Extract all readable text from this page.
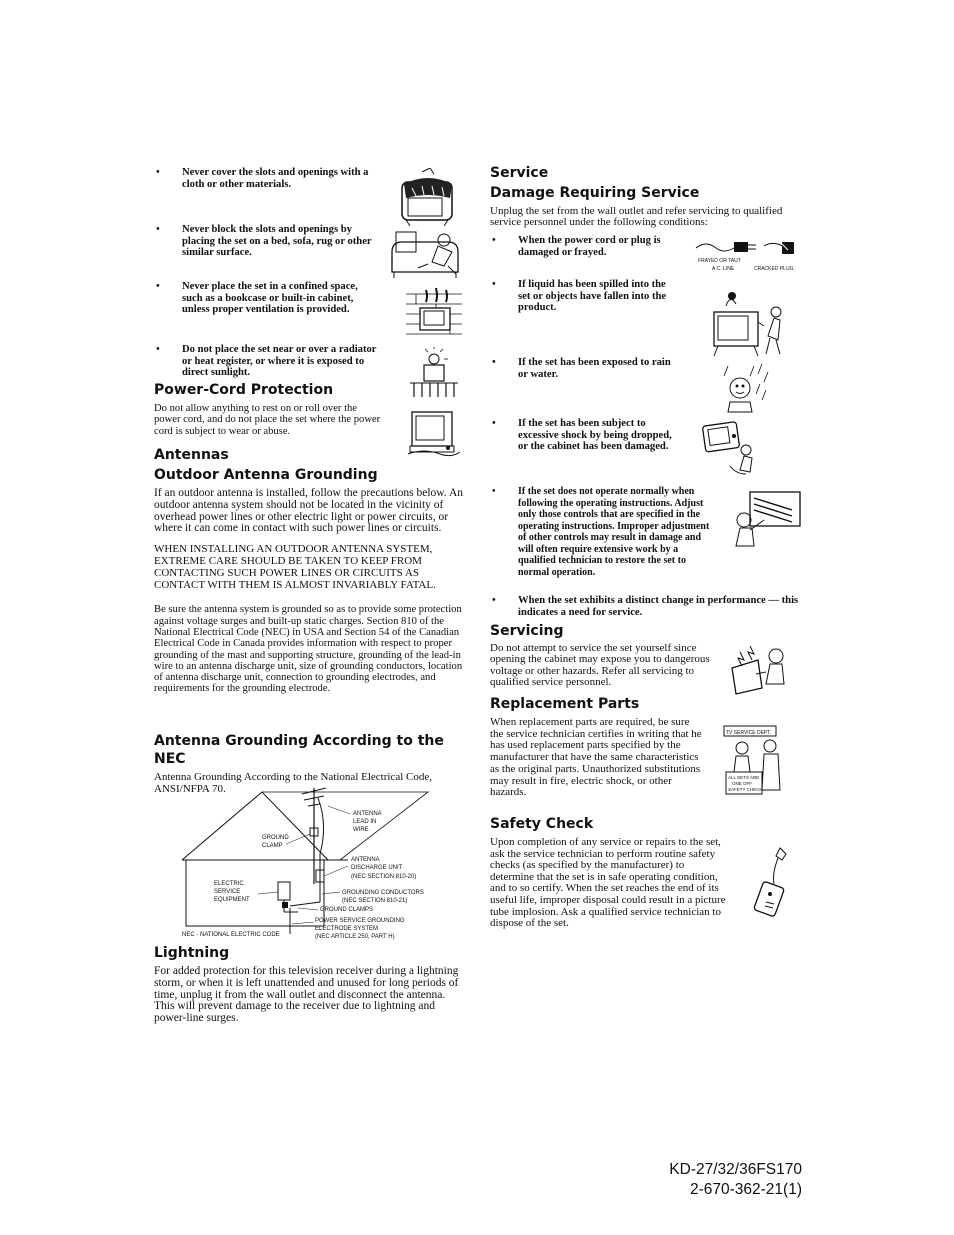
• Never cover the slots and openings with a cloth or other materials.
• Never block the slots and openings by placing the set on a bed, sofa, rug or other similar surface.
• Never place the set in a confined space, such as a bookcase or built-in cabinet, unless proper ventilation is provided.
• Do not place the set near or over a radiator or heat register, or where it is exposed to direct sunlight.
Power-Cord Protection

Do not allow anything to rest on or roll over the power cord, and do not place the set where the power cord is subject to wear or abuse.

Antennas
Outdoor Antenna Grounding

If an outdoor antenna is installed, follow the precautions below. An outdoor antenna system should not be located in the vicinity of overhead power lines or other electric light or power circuits, or where it can come in contact with such power lines or circuits.

WHEN INSTALLING AN OUTDOOR ANTENNA SYSTEM, EXTREME CARE SHOULD BE TAKEN TO KEEP FROM CONTACTING SUCH POWER LINES OR CIRCUITS AS CONTACT WITH THEM IS ALMOST INVARIABLY FATAL.

Be sure the antenna system is grounded so as to provide some protection against voltage surges and built-up static charges. Section 810 of the National Electrical Code (NEC) in USA and Section 54 of the Canadian Electrical Code in Canada provides information with respect to proper grounding of the mast and supporting structure, grounding of the lead-in wire to an antenna discharge unit, size of grounding conductors, location of antenna discharge unit, connection to grounding electrodes, and requirements for the grounding electrode.

Antenna Grounding According to the NEC

Antenna Grounding According to the National Electrical Code, ANSI/NFPA 70.

ANTENNA
LEAD IN
WIRE
GROUND
CLAMP
ANTENNA
DISCHARGE UNIT
(NEC SECTION 810-20)
ELECTRIC
SERVICE
EQUIPMENT
GROUNDING CONDUCTORS
(NEC SECTION 810-21)
GROUND CLAMPS
POWER SERVICE GROUNDING
ELECTRODE SYSTEM
(NEC ARTICLE 250, PART H)
NEC - NATIONAL ELECTRIC CODE
Lightning

For added protection for this television receiver during a lightning storm, or when it is left unattended and unused for long periods of time, unplug it from the wall outlet and disconnect the antenna. This will prevent damage to the receiver due to lightning and power-line surges.

Service
Damage Requiring Service

Unplug the set from the wall outlet and refer servicing to qualified service personnel under the following conditions:

• When the power cord or plug is damaged or frayed.
• If liquid has been spilled into the set or objects have fallen into the product.
• If the set has been exposed to rain or water.
• If the set has been subject to excessive shock by being dropped, or the cabinet has been damaged.
• If the set does not operate normally when following the operating instructions. Adjust only those controls that are specified in the operating instructions. Improper adjustment of other controls may result in damage and will often require extensive work by a qualified technician to restore the set to normal operation.
• When the set exhibits a distinct change in performance — this indicates a need for service.
FRAYED OR TAUT
A.C. LINE	CRACKED PLUG
TV SERVICE DEPT.
ALL SETS ARE
ONE OFF
SAFETY CHECK
Servicing

Do not attempt to service the set yourself since opening the cabinet may expose you to dangerous voltage or other hazards. Refer all servicing to qualified service personnel.

Replacement Parts

When replacement parts are required, be sure the service technician certifies in writing that he has used replacement parts specified by the manufacturer that have the same characteristics as the original parts. Unauthorized substitutions may result in fire, electric shock, or other hazards.

Safety Check

Upon completion of any service or repairs to the set, ask the service technician to perform routine safety checks (as specified by the manufacturer) to determine that the set is in safe operating condition, and to so certify. When the set reaches the end of its useful life, improper disposal could result in a picture tube implosion. Ask a qualified service technician to dispose of the set.

KD-27/32/36FS170
2-670-362-21(1)
